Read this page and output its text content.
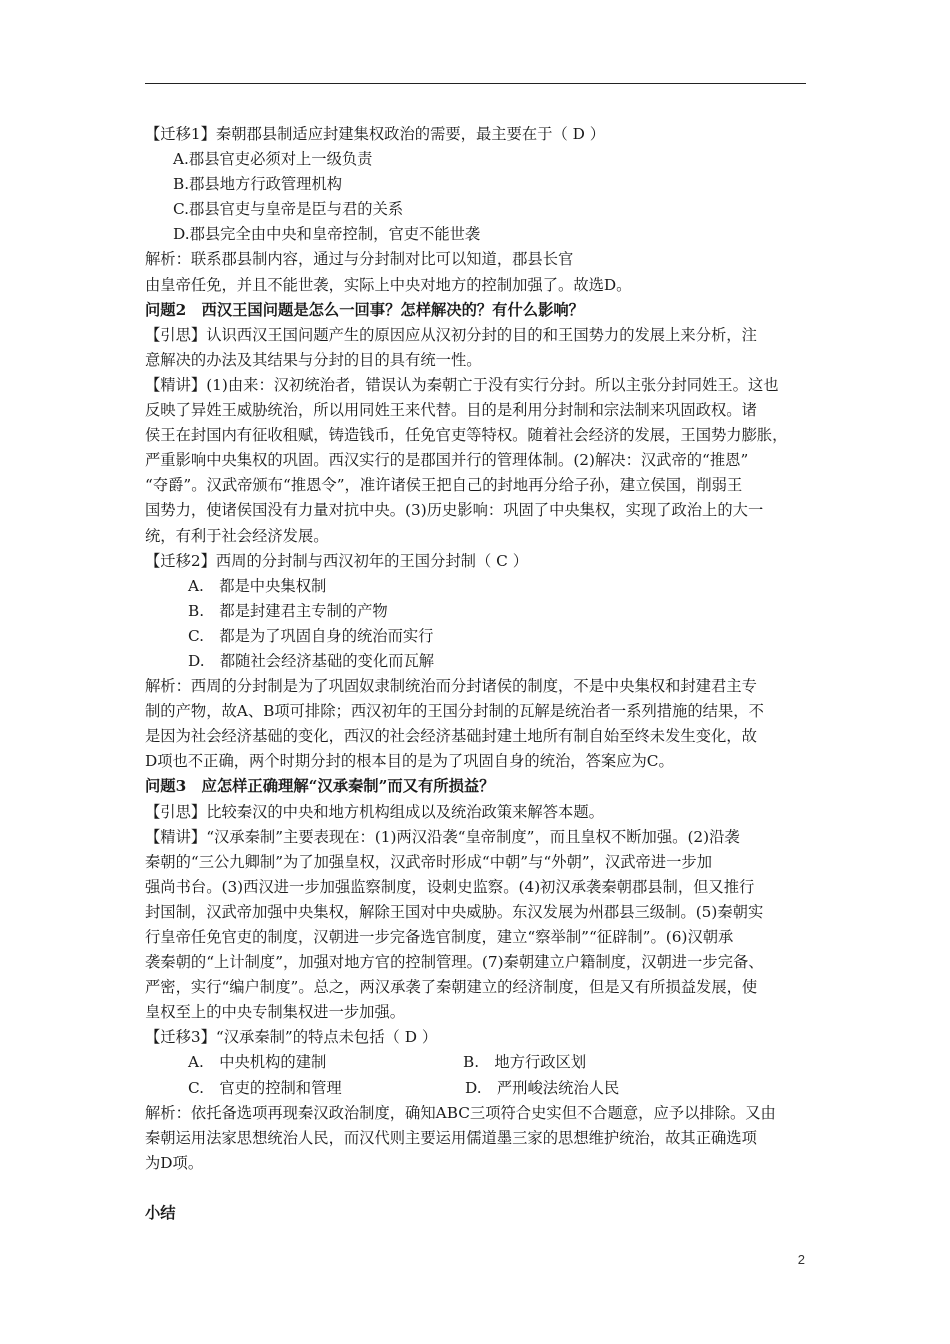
【迁移1】秦朝郡县制适应封建集权政治的需要，最主要在于（ D ）

A.郡县官吏必须对上一级负责

B.郡县地方行政管理机构

C.郡县官吏与皇帝是臣与君的关系

D.郡县完全由中央和皇帝控制，官吏不能世袭

解析：联系郡县制内容，通过与分封制对比可以知道，郡县长官

由皇帝任免，并且不能世袭，实际上中央对地方的控制加强了。故选D。

问题2　西汉王国问题是怎么一回事？怎样解决的？有什么影响？

【引思】认识西汉王国问题产生的原因应从汉初分封的目的和王国势力的发展上来分析，注

意解决的办法及其结果与分封的目的具有统一性。

【精讲】(1)由来：汉初统治者，错误认为秦朝亡于没有实行分封。所以主张分封同姓王。这也

反映了异姓王威胁统治，所以用同姓王来代替。目的是利用分封制和宗法制来巩固政权。诸

侯王在封国内有征收租赋，铸造钱币，任免官吏等特权。随着社会经济的发展，王国势力膨胀，

严重影响中央集权的巩固。西汉实行的是郡国并行的管理体制。(2)解决：汉武帝的“推恩”

“夺爵”。汉武帝颁布“推恩令”，准许诸侯王把自己的封地再分给子孙，建立侯国，削弱王

国势力，使诸侯国没有力量对抗中央。(3)历史影响：巩固了中央集权，实现了政治上的大一

统，有利于社会经济发展。

【迁移2】西周的分封制与西汉初年的王国分封制（ C ）

A.　都是中央集权制

B.　都是封建君主专制的产物

C.　都是为了巩固自身的统治而实行

D.　都随社会经济基础的变化而瓦解

解析：西周的分封制是为了巩固奴隶制统治而分封诸侯的制度，不是中央集权和封建君主专

制的产物，故A、B项可排除；西汉初年的王国分封制的瓦解是统治者一系列措施的结果，不

是因为社会经济基础的变化，西汉的社会经济基础封建土地所有制自始至终未发生变化，故

D项也不正确，两个时期分封的根本目的是为了巩固自身的统治，答案应为C。

问题3　应怎样正确理解“汉承秦制”而又有所损益？

【引思】比较秦汉的中央和地方机构组成以及统治政策来解答本题。

【精讲】“汉承秦制”主要表现在：(1)两汉沿袭“皇帝制度”，而且皇权不断加强。(2)沿袭

秦朝的“三公九卿制”为了加强皇权，汉武帝时形成“中朝”与“外朝”，汉武帝进一步加

强尚书台。(3)西汉进一步加强监察制度，设刺史监察。(4)初汉承袭秦朝郡县制，但又推行

封国制，汉武帝加强中央集权，解除王国对中央威胁。东汉发展为州郡县三级制。(5)秦朝实

行皇帝任免官吏的制度，汉朝进一步完备选官制度，建立“察举制”“征辟制”。(6)汉朝承

袭秦朝的“上计制度”，加强对地方官的控制管理。(7)秦朝建立户籍制度，汉朝进一步完备、

严密，实行“编户制度”。总之，两汉承袭了秦朝建立的经济制度，但是又有所损益发展，使

皇权至上的中央专制集权进一步加强。

【迁移3】“汉承秦制”的特点未包括（ D ）

A.　中央机构的建制	B.　地方行政区划

C.　官吏的控制和管理	D.　严刑峻法统治人民

解析：依托备选项再现秦汉政治制度，确知ABC三项符合史实但不合题意，应予以排除。又由

秦朝运用法家思想统治人民，而汉代则主要运用儒道墨三家的思想维护统治，故其正确选项

为D项。

小结

2
